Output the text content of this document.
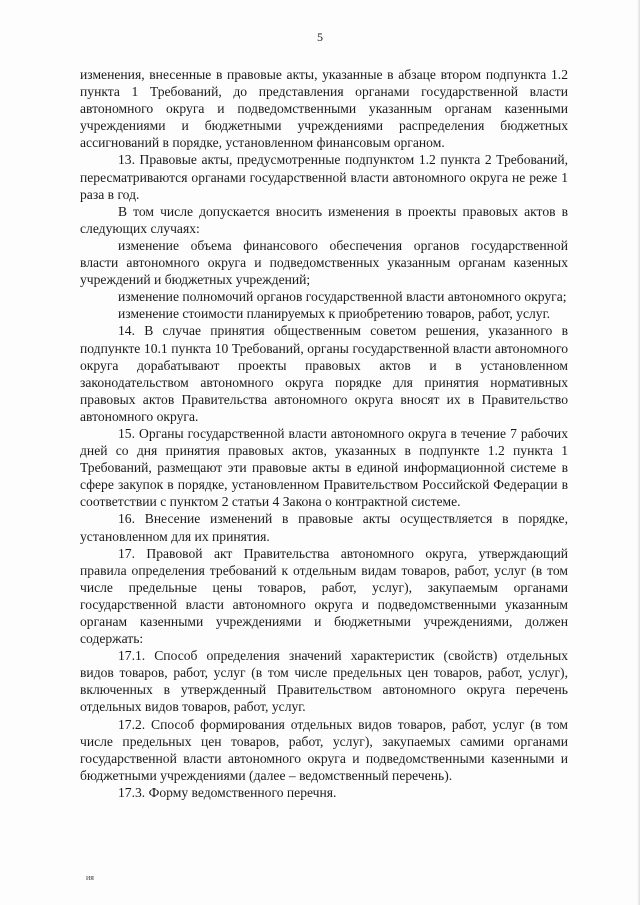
5

изменения, внесенные в правовые акты, указанные в абзаце втором подпункта 1.2 пункта 1 Требований, до представления органами государственной власти автономного округа и подведомственными указанным органам казенными учреждениями и бюджетными учреждениями распределения бюджетных ассигнований в порядке, установленном финансовым органом.

13. Правовые акты, предусмотренные подпунктом 1.2 пункта 2 Требований, пересматриваются органами государственной власти автономного округа не реже 1 раза в год.

В том числе допускается вносить изменения в проекты правовых актов в следующих случаях:

изменение объема финансового обеспечения органов государственной власти автономного округа и подведомственных указанным органам казенных учреждений и бюджетных учреждений;

изменение полномочий органов государственной власти автономного округа;

изменение стоимости планируемых к приобретению товаров, работ, услуг.

14. В случае принятия общественным советом решения, указанного в подпункте 10.1 пункта 10 Требований, органы государственной власти автономного округа дорабатывают проекты правовых актов и в установленном законодательством автономного округа порядке для принятия нормативных правовых актов Правительства автономного округа вносят их в Правительство автономного округа.

15. Органы государственной власти автономного округа в течение 7 рабочих дней со дня принятия правовых актов, указанных в подпункте 1.2 пункта 1 Требований, размещают эти правовые акты в единой информационной системе в сфере закупок в порядке, установленном Правительством Российской Федерации в соответствии с пунктом 2 статьи 4 Закона о контрактной системе.

16. Внесение изменений в правовые акты осуществляется в порядке, установленном для их принятия.

17. Правовой акт Правительства автономного округа, утверждающий правила определения требований к отдельным видам товаров, работ, услуг (в том числе предельные цены товаров, работ, услуг), закупаемым органами государственной власти автономного округа и подведомственными указанным органам казенными учреждениями и бюджетными учреждениями, должен содержать:

17.1. Способ определения значений характеристик (свойств) отдельных видов товаров, работ, услуг (в том числе предельных цен товаров, работ, услуг), включенных в утвержденный Правительством автономного округа перечень отдельных видов товаров, работ, услуг.

17.2. Способ формирования отдельных видов товаров, работ, услуг (в том числе предельных цен товаров, работ, услуг), закупаемых самими органами государственной власти автономного округа и подведомственными казенными и бюджетными учреждениями (далее – ведомственный перечень).

17.3. Форму ведомственного перечня.

ия
